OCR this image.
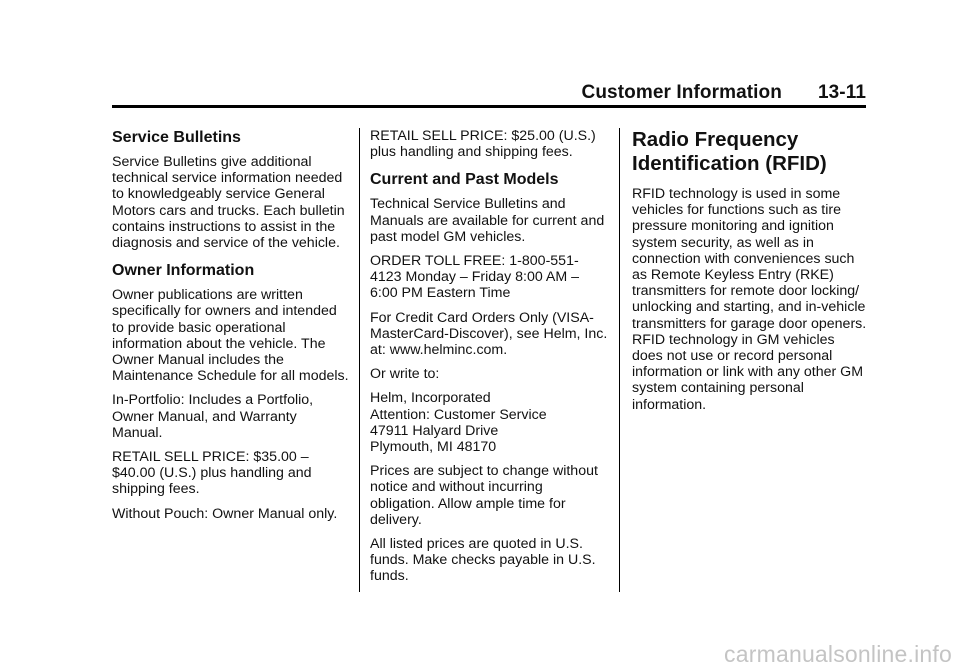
Customer Information 13-11
Service Bulletins

Service Bulletins give additional technical service information needed to knowledgeably service General Motors cars and trucks. Each bulletin contains instructions to assist in the diagnosis and service of the vehicle.

Owner Information

Owner publications are written specifically for owners and intended to provide basic operational information about the vehicle. The Owner Manual includes the Maintenance Schedule for all models.

In-Portfolio: Includes a Portfolio, Owner Manual, and Warranty Manual.

RETAIL SELL PRICE: $35.00 – $40.00 (U.S.) plus handling and shipping fees.

Without Pouch: Owner Manual only.

RETAIL SELL PRICE: $25.00 (U.S.) plus handling and shipping fees.

Current and Past Models

Technical Service Bulletins and Manuals are available for current and past model GM vehicles.

ORDER TOLL FREE: 1-800-551-4123 Monday – Friday 8:00 AM – 6:00 PM Eastern Time

For Credit Card Orders Only (VISA-MasterCard-Discover), see Helm, Inc. at: www.helminc.com.

Or write to:

Helm, Incorporated
Attention: Customer Service
47911 Halyard Drive
Plymouth, MI 48170

Prices are subject to change without notice and without incurring obligation. Allow ample time for delivery.

All listed prices are quoted in U.S. funds. Make checks payable in U.S. funds.

Radio Frequency
Identification (RFID)

RFID technology is used in some vehicles for functions such as tire pressure monitoring and ignition system security, as well as in connection with conveniences such as Remote Keyless Entry (RKE) transmitters for remote door locking/ unlocking and starting, and in-vehicle transmitters for garage door openers. RFID technology in GM vehicles does not use or record personal information or link with any other GM system containing personal information.

carmanualsonline.info
